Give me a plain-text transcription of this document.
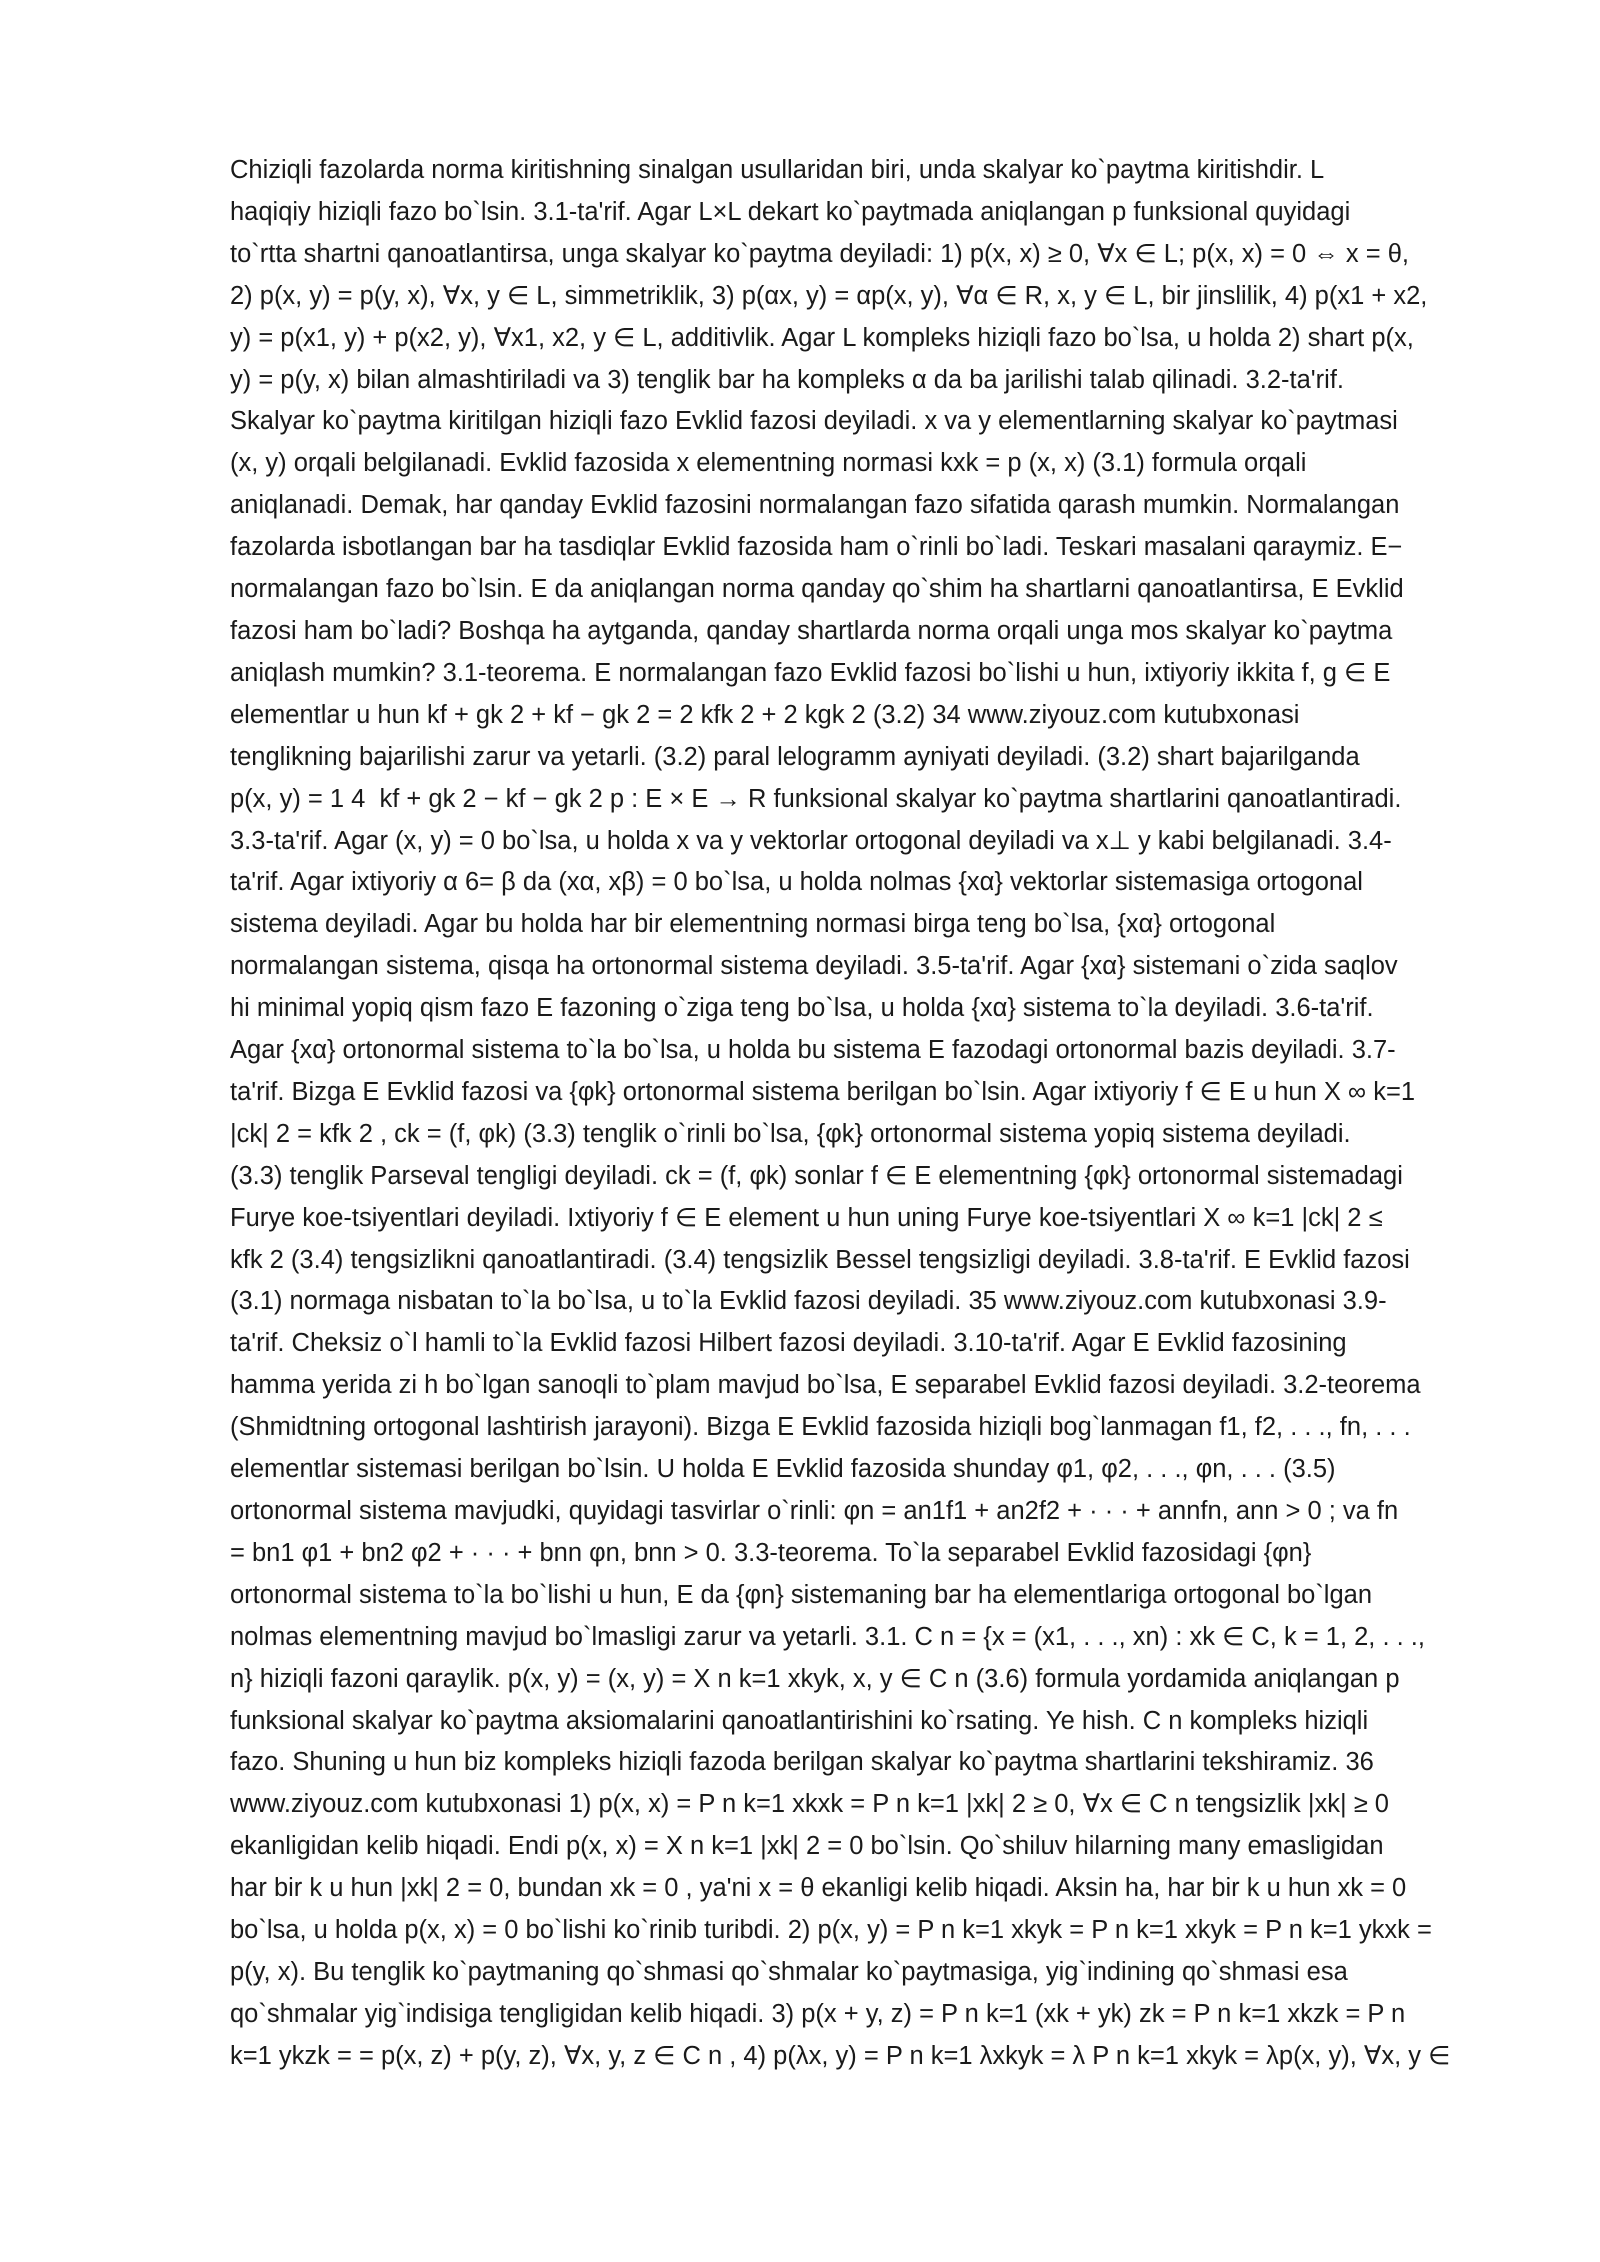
Chiziqli fazolarda norma kiritishning sinalgan usullaridan biri, unda skalyar ko`paytma kiritishdir. L

haqiqiy hiziqli fazo bo`lsin. 3.1-ta'rif. Agar L×L dekart ko`paytmada aniqlangan p funksional quyidagi

to`rtta shartni qanoatlantirsa, unga skalyar ko`paytma deyiladi: 1) p(x, x) ≥ 0, ∀x ∈ L; p(x, x) = 0 ⇔ x = θ,

2) p(x, y) = p(y, x), ∀x, y ∈ L, simmetriklik, 3) p(αx, y) = αp(x, y), ∀α ∈ R, x, y ∈ L, bir jinslilik, 4) p(x1 + x2,

y) = p(x1, y) + p(x2, y), ∀x1, x2, y ∈ L, additivlik. Agar L kompleks hiziqli fazo bo`lsa, u holda 2) shart p(x,

y) = p(y, x) bilan almashtiriladi va 3) tenglik bar ha kompleks α da ba jarilishi talab qilinadi. 3.2-ta'rif.

Skalyar ko`paytma kiritilgan hiziqli fazo Evklid fazosi deyiladi. x va y elementlarning skalyar ko`paytmasi

(x, y) orqali belgilanadi. Evklid fazosida x elementning normasi kxk = p (x, x) (3.1) formula orqali

aniqlanadi. Demak, har qanday Evklid fazosini normalangan fazo sifatida qarash mumkin. Normalangan

fazolarda isbotlangan bar ha tasdiqlar Evklid fazosida ham o`rinli bo`ladi. Teskari masalani qaraymiz. E−

normalangan fazo bo`lsin. E da aniqlangan norma qanday qo`shim ha shartlarni qanoatlantirsa, E Evklid

fazosi ham bo`ladi? Boshqa ha aytganda, qanday shartlarda norma orqali unga mos skalyar ko`paytma

aniqlash mumkin? 3.1-teorema. E normalangan fazo Evklid fazosi bo`lishi u hun, ixtiyoriy ikkita f, g ∈ E

elementlar u hun kf + gk 2 + kf − gk 2 = 2 kfk 2 + 2 kgk 2 (3.2) 34 www.ziyouz.com kutubxonasi

tenglikning bajarilishi zarur va yetarli. (3.2) paral lelogramm ayniyati deyiladi. (3.2) shart bajarilganda

p(x, y) = 1 4  kf + gk 2 − kf − gk 2 p : E × E → R funksional skalyar ko`paytma shartlarini qanoatlantiradi.

3.3-ta'rif. Agar (x, y) = 0 bo`lsa, u holda x va y vektorlar ortogonal deyiladi va x⊥ y kabi belgilanadi. 3.4-

ta'rif. Agar ixtiyoriy α 6= β da (xα, xβ) = 0 bo`lsa, u holda nolmas {xα} vektorlar sistemasiga ortogonal

sistema deyiladi. Agar bu holda har bir elementning normasi birga teng bo`lsa, {xα} ortogonal

normalangan sistema, qisqa ha ortonormal sistema deyiladi. 3.5-ta'rif. Agar {xα} sistemani o`zida saqlov

hi minimal yopiq qism fazo E fazoning o`ziga teng bo`lsa, u holda {xα} sistema to`la deyiladi. 3.6-ta'rif.

Agar {xα} ortonormal sistema to`la bo`lsa, u holda bu sistema E fazodagi ortonormal bazis deyiladi. 3.7-

ta'rif. Bizga E Evklid fazosi va {φk} ortonormal sistema berilgan bo`lsin. Agar ixtiyoriy f ∈ E u hun X ∞ k=1

|ck| 2 = kfk 2 , ck = (f, φk) (3.3) tenglik o`rinli bo`lsa, {φk} ortonormal sistema yopiq sistema deyiladi.

(3.3) tenglik Parseval tengligi deyiladi. ck = (f, φk) sonlar f ∈ E elementning {φk} ortonormal sistemadagi

Furye koe-tsiyentlari deyiladi. Ixtiyoriy f ∈ E element u hun uning Furye koe-tsiyentlari X ∞ k=1 |ck| 2 ≤

kfk 2 (3.4) tengsizlikni qanoatlantiradi. (3.4) tengsizlik Bessel tengsizligi deyiladi. 3.8-ta'rif. E Evklid fazosi

(3.1) normaga nisbatan to`la bo`lsa, u to`la Evklid fazosi deyiladi. 35 www.ziyouz.com kutubxonasi 3.9-

ta'rif. Cheksiz o`l hamli to`la Evklid fazosi Hilbert fazosi deyiladi. 3.10-ta'rif. Agar E Evklid fazosining

hamma yerida zi h bo`lgan sanoqli to`plam mavjud bo`lsa, E separabel Evklid fazosi deyiladi. 3.2-teorema

(Shmidtning ortogonal lashtirish jarayoni). Bizga E Evklid fazosida hiziqli bog`lanmagan f1, f2, . . ., fn, . . .

elementlar sistemasi berilgan bo`lsin. U holda E Evklid fazosida shunday φ1, φ2, . . ., φn, . . . (3.5)

ortonormal sistema mavjudki, quyidagi tasvirlar o`rinli: φn = an1f1 + an2f2 + · · · + annfn, ann > 0 ; va fn

= bn1 φ1 + bn2 φ2 + · · · + bnn φn, bnn > 0. 3.3-teorema. To`la separabel Evklid fazosidagi {φn}

ortonormal sistema to`la bo`lishi u hun, E da {φn} sistemaning bar ha elementlariga ortogonal bo`lgan

nolmas elementning mavjud bo`lmasligi zarur va yetarli. 3.1. C n = {x = (x1, . . ., xn) : xk ∈ C, k = 1, 2, . . .,

n} hiziqli fazoni qaraylik. p(x, y) = (x, y) = X n k=1 xkyk, x, y ∈ C n (3.6) formula yordamida aniqlangan p

funksional skalyar ko`paytma aksiomalarini qanoatlantirishini ko`rsating. Ye hish. C n kompleks hiziqli

fazo. Shuning u hun biz kompleks hiziqli fazoda berilgan skalyar ko`paytma shartlarini tekshiramiz. 36

www.ziyouz.com kutubxonasi 1) p(x, x) = P n k=1 xkxk = P n k=1 |xk| 2 ≥ 0, ∀x ∈ C n tengsizlik |xk| ≥ 0

ekanligidan kelib hiqadi. Endi p(x, x) = X n k=1 |xk| 2 = 0 bo`lsin. Qo`shiluv hilarning many emasligidan

har bir k u hun |xk| 2 = 0, bundan xk = 0 , ya'ni x = θ ekanligi kelib hiqadi. Aksin ha, har bir k u hun xk = 0

bo`lsa, u holda p(x, x) = 0 bo`lishi ko`rinib turibdi. 2) p(x, y) = P n k=1 xkyk = P n k=1 xkyk = P n k=1 ykxk =

p(y, x). Bu tenglik ko`paytmaning qo`shmasi qo`shmalar ko`paytmasiga, yig`indining qo`shmasi esa

qo`shmalar yig`indisiga tengligidan kelib hiqadi. 3) p(x + y, z) = P n k=1 (xk + yk) zk = P n k=1 xkzk = P n

k=1 ykzk = = p(x, z) + p(y, z), ∀x, y, z ∈ C n , 4) p(λx, y) = P n k=1 λxkyk = λ P n k=1 xkyk = λp(x, y), ∀x, y ∈
